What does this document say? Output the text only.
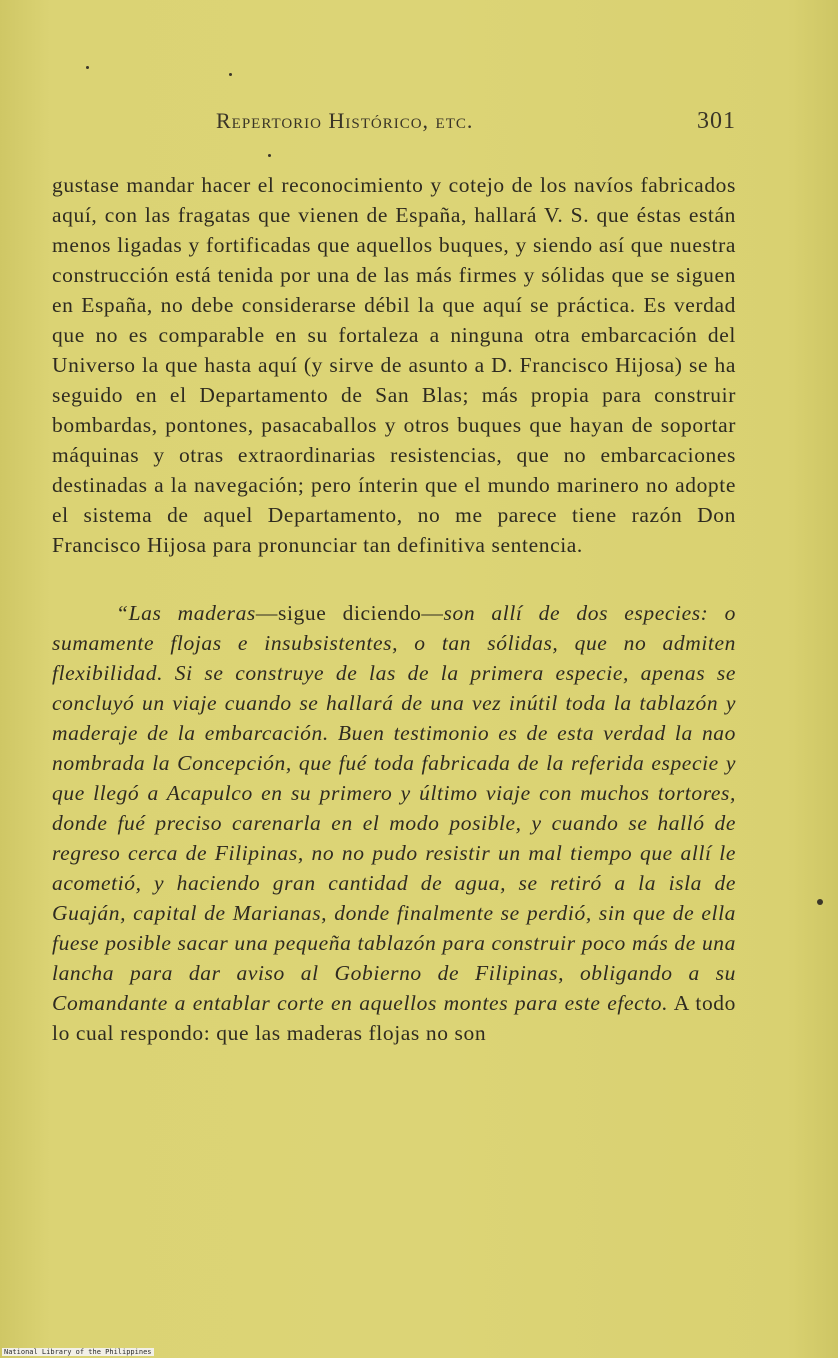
Repertorio Histórico, etc.	301

gustase mandar hacer el reconocimiento y cotejo de los navíos fabricados aquí, con las fragatas que vienen de España, hallará V. S. que éstas están menos ligadas y fortificadas que aquellos buques, y siendo así que nuestra construcción está tenida por una de las más firmes y sólidas que se siguen en España, no debe considerarse débil la que aquí se práctica. Es verdad que no es comparable en su fortaleza a ninguna otra embarcación del Universo la que hasta aquí (y sirve de asunto a D. Francisco Hijosa) se ha seguido en el Departamento de San Blas; más propia para construir bombardas, pontones, pasacaballos y otros buques que hayan de soportar máquinas y otras extraordinarias resistencias, que no embarcaciones destinadas a la navegación; pero ínterin que el mundo marinero no adopte el sistema de aquel Departamento, no me parece tiene razón Don Francisco Hijosa para pronunciar tan definitiva sentencia.

“Las maderas—sigue diciendo—son allí de dos especies: o sumamente flojas e insubsistentes, o tan sólidas, que no admiten flexibilidad. Si se construye de las de la primera especie, apenas se concluyó un viaje cuando se hallará de una vez inútil toda la tablazón y maderaje de la embarcación. Buen testimonio es de esta verdad la nao nombrada la Concepción, que fué toda fabricada de la referida especie y que llegó a Acapulco en su primero y último viaje con muchos tortores, donde fué preciso carenarla en el modo posible, y cuando se halló de regreso cerca de Filipinas, no no pudo resistir un mal tiempo que allí le acometió, y haciendo gran cantidad de agua, se retiró a la isla de Guaján, capital de Marianas, donde finalmente se perdió, sin que de ella fuese posible sacar una pequeña tablazón para construir poco más de una lancha para dar aviso al Gobierno de Filipinas, obligando a su Comandante a entablar corte en aquellos montes para este efecto. A todo lo cual respondo: que las maderas flojas no son

National Library of the Philippines
